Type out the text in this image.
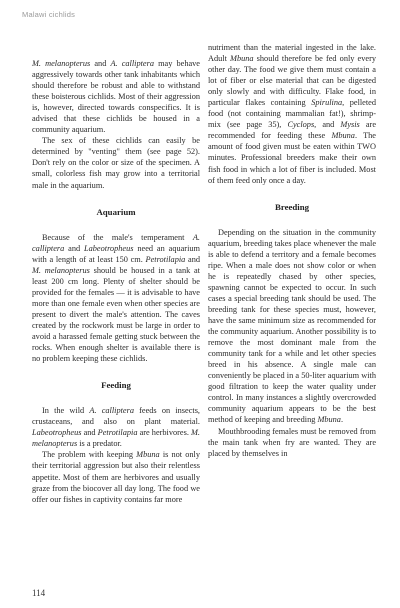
Malawi cichlids

M. melanopterus and A. calliptera may behave aggressively towards other tank inhabitants which should therefore be robust and able to withstand these boisterous cichlids. Most of their aggression is, however, directed towards conspecifics. It is advised that these cichlids be housed in a community aquarium.

The sex of these cichlids can easily be determined by "venting" them (see page 52). Don't rely on the color or size of the specimen. A small, colorless fish may grow into a territorial male in the aquarium.

Aquarium

Because of the male's temperament A. calliptera and Labeotropheus need an aquarium with a length of at least 150 cm. Petrotilapia and M. melanopterus should be housed in a tank at least 200 cm long. Plenty of shelter should be provided for the females — it is advisable to have more than one female even when other species are present to divert the male's attention. The caves created by the rockwork must be large in order to avoid a harassed female getting stuck between the rocks. When enough shelter is available there is no problem keeping these cichlids.

Feeding

In the wild A. calliptera feeds on insects, crustaceans, and also on plant material. Labeotropheus and Petrotilapia are herbivores. M. melanopterus is a predator.

The problem with keeping Mbuna is not only their territorial aggression but also their relentless appetite. Most of them are herbivores and usually graze from the biocover all day long. The food we offer our fishes in captivity contains far more

nutriment than the material ingested in the lake. Adult Mbuna should therefore be fed only every other day. The food we give them must contain a lot of fiber or else material that can be digested only slowly and with difficulty. Flake food, in particular flakes containing Spirulina, pelleted food (not containing mammalian fat!), shrimp-mix (see page 35), Cyclops, and Mysis are recommended for feeding these Mbuna. The amount of food given must be eaten within TWO minutes. Professional breeders make their own fish food in which a lot of fiber is included. Most of them feed only once a day.

Breeding

Depending on the situation in the community aquarium, breeding takes place whenever the male is able to defend a territory and a female becomes ripe. When a male does not show color or when he is repeatedly chased by other species, spawning cannot be expected to occur. In such cases a special breeding tank should be used. The breeding tank for these species must, however, have the same minimum size as recommended for the community aquarium. Another possibility is to remove the most dominant male from the community tank for a while and let other species breed in his absence. A single male can conveniently be placed in a 50-liter aquarium with good filtration to keep the water quality under control. In many instances a slightly overcrowded community aquarium appears to be the best method of keeping and breeding Mbuna.

Mouthbrooding females must be removed from the main tank when fry are wanted. They are placed by themselves in

114
